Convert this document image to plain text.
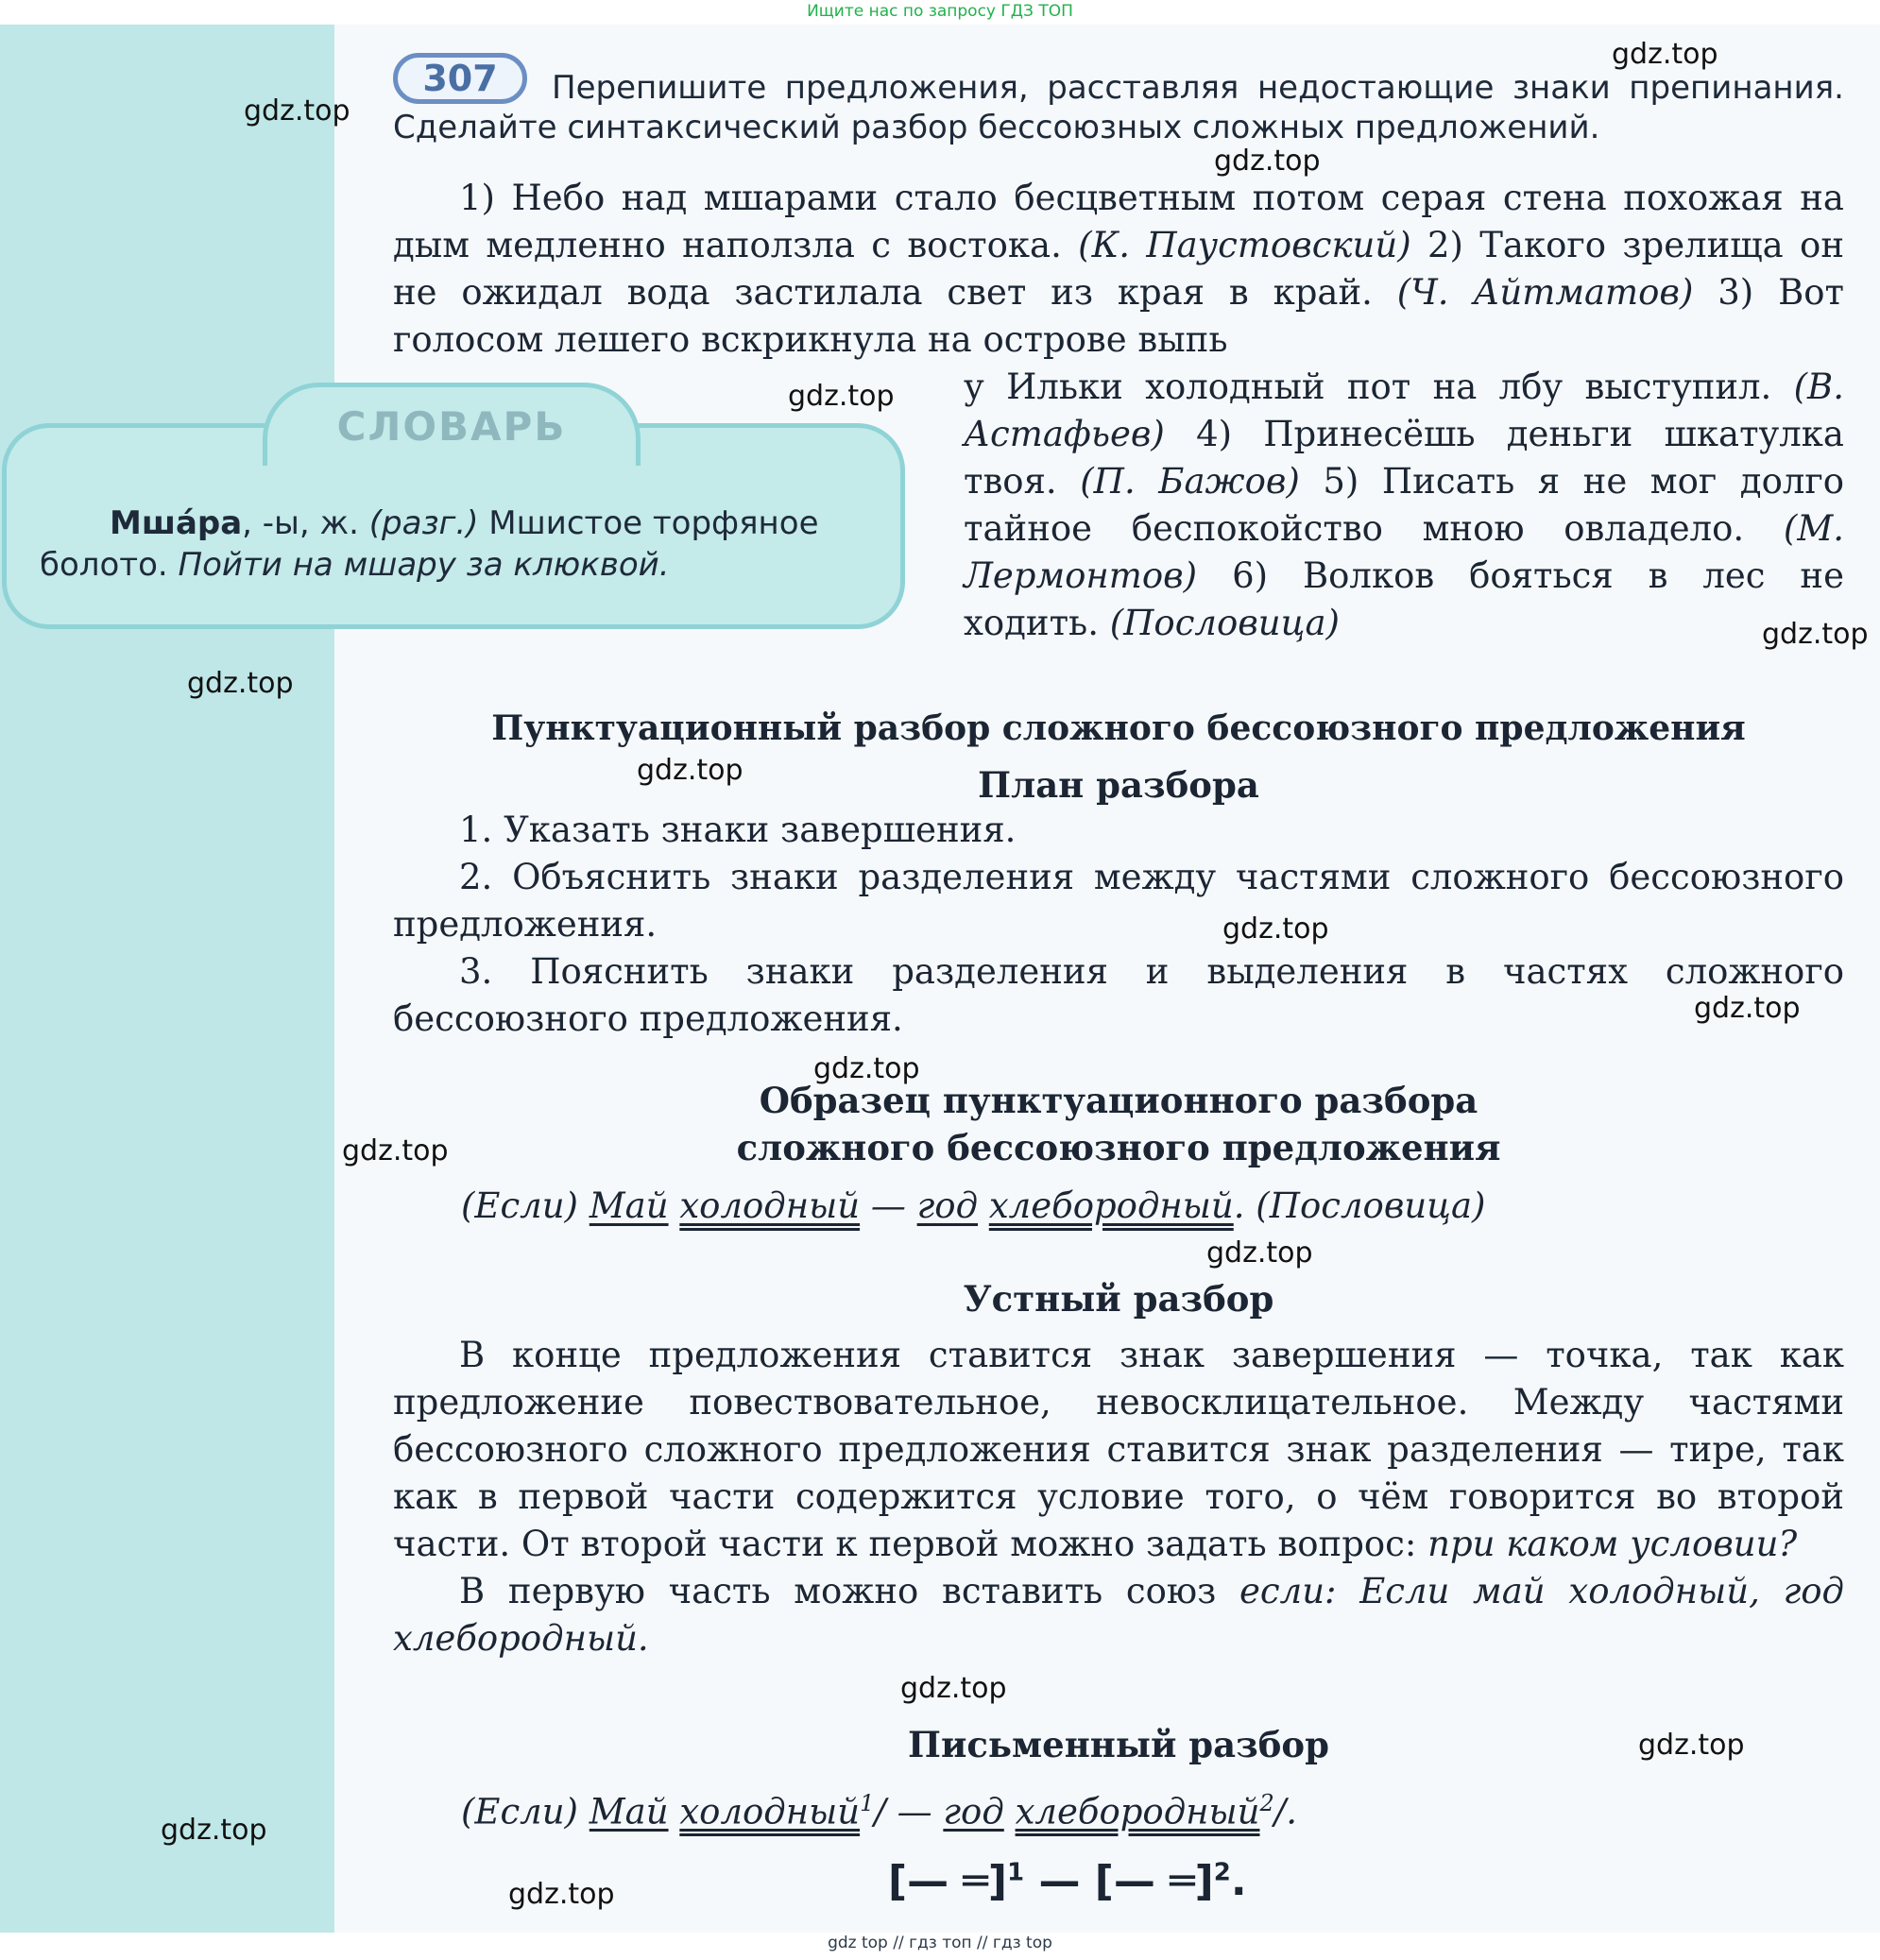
Ищите нас по запросу ГДЗ ТОП
307	Перепишите предложения, расставляя недостающие знаки препинания. Сделайте синтаксический разбор бессоюзных сложных предложений.

1) Небо над мшарами стало бесцветным потом серая стена похожая на дым медленно наползла с востока. (К. Паустовский) 2) Такого зрелища он не ожидал вода застилала свет из края в край. (Ч. Айтматов) 3) Вот голосом лешего вскрикнула на острове выпь

у Ильки холодный пот на лбу выступил. (В. Астафьев) 4) Принесёшь деньги шкатулка твоя. (П. Бажов) 5) Писать я не мог долго тайное беспокойство мною овладело. (М. Лермонтов) 6) Волков бояться в лес не ходить. (Пословица)

СЛОВАРЬ
Мша́ра, -ы, ж. (разг.) Мшистое торфяное болото. Пойти на мшару за клюквой.
Пунктуационный разбор сложного бессоюзного предложения
План разбора

1. Указать знаки завершения.

2. Объяснить знаки разделения между частями сложного бессоюзного предложения.

3. Пояснить знаки разделения и выделения в частях сложного бессоюзного предложения.

Образец пунктуационного разбора
сложного бессоюзного предложения
(Если) Май холодный — год хлебородный. (Пословица)
Устный разбор

В конце предложения ставится знак завершения — точка, так как предложение повествовательное, невосклицательное. Между частями бессоюзного сложного предложения ставится знак разделения — тире, так как в первой части содержится условие того, о чём говорится во второй части. От второй части к первой можно задать вопрос: при каком условии?

В первую часть можно вставить союз если: Если май холодный, год хлебородный.

Письменный разбор
(Если) Май холодный$^1$/ — год хлебородный$^2$/.
[— ═]$^1$ — [— ═]$^2$.
gdz.top
gdz.top
gdz.top
gdz.top
gdz.top
gdz.top
gdz.top
gdz.top
gdz.top
gdz.top
gdz.top
gdz.top
gdz.top
gdz.top
gdz.top
gdz.top
gdz top // гдз топ // гдз top
